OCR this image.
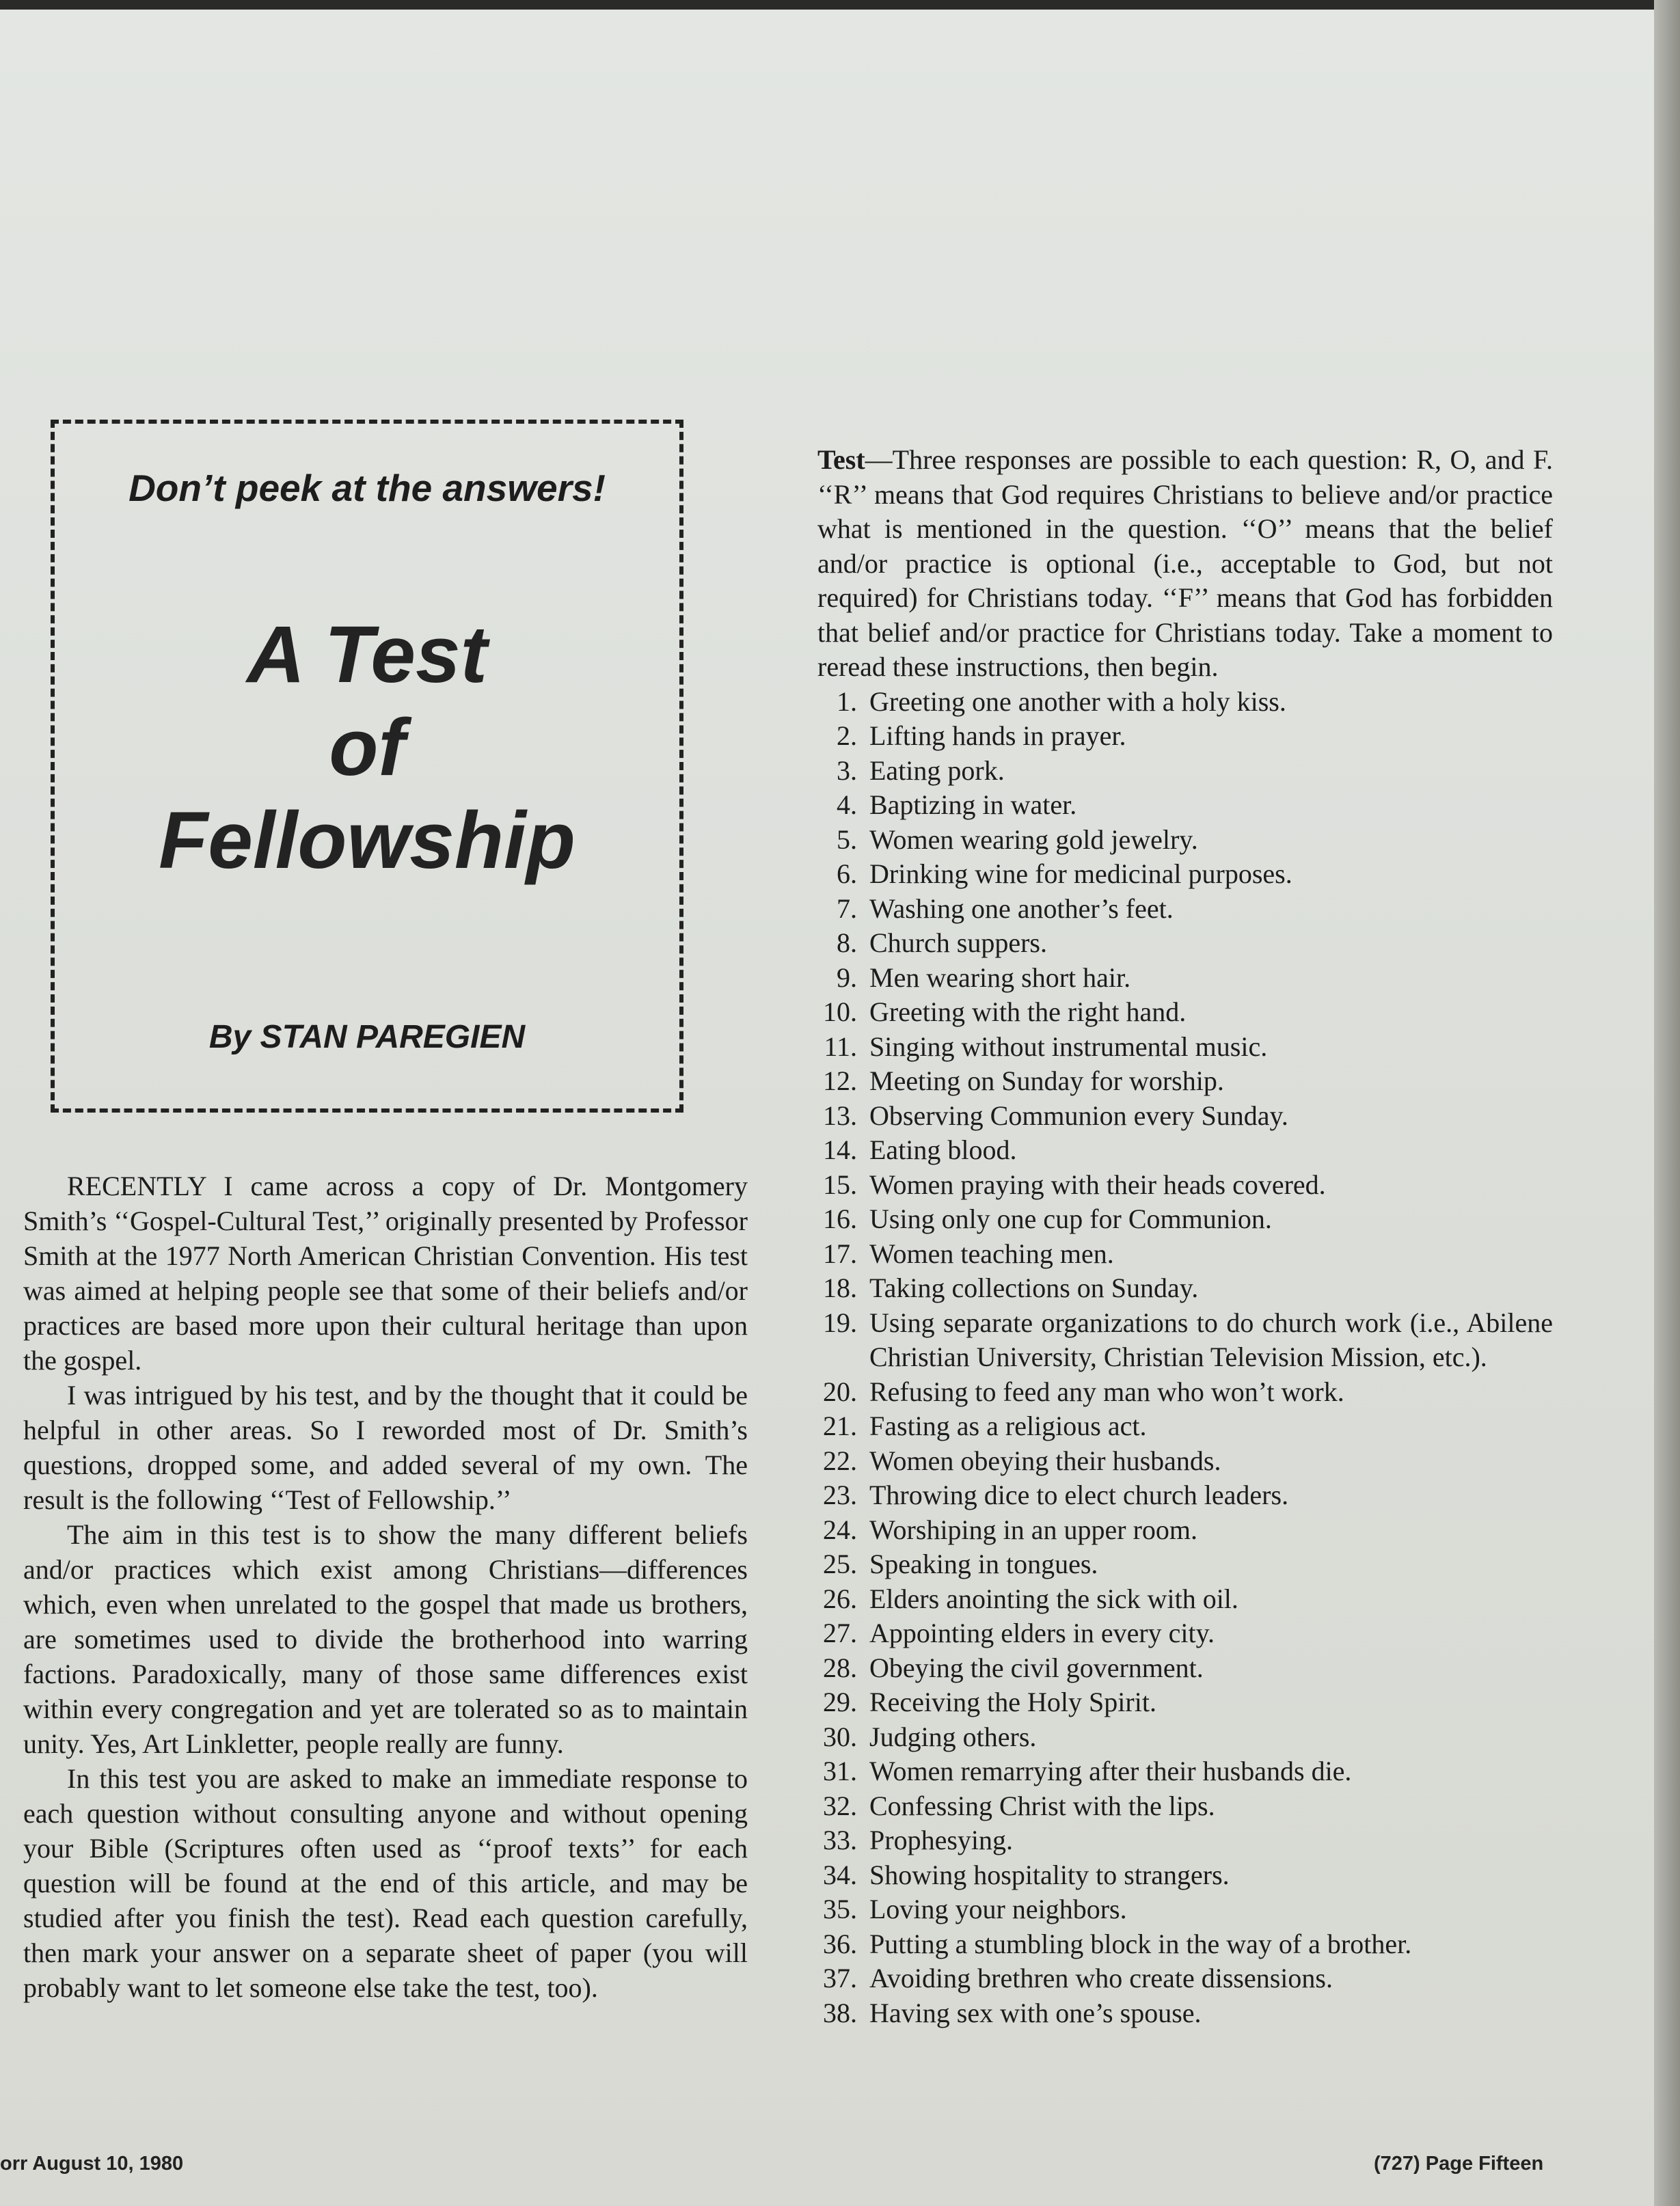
Don’t peek at the answers!
A Test
of
Fellowship
By STAN PAREGIEN

RECENTLY I came across a copy of Dr. Montgomery Smith’s ‘‘Gospel-Cultural Test,’’ originally presented by Professor Smith at the 1977 North American Christian Convention. His test was aimed at helping people see that some of their beliefs and/or practices are based more upon their cultural heritage than upon the gospel.

I was intrigued by his test, and by the thought that it could be helpful in other areas. So I reworded most of Dr. Smith’s questions, dropped some, and added several of my own. The result is the following ‘‘Test of Fellowship.’’

The aim in this test is to show the many different beliefs and/or practices which exist among Christians—differences which, even when unrelated to the gospel that made us brothers, are sometimes used to divide the brotherhood into warring factions. Paradoxically, many of those same differences exist within every congregation and yet are tolerated so as to maintain unity. Yes, Art Linkletter, people really are funny.

In this test you are asked to make an immediate response to each question without consulting anyone and without opening your Bible (Scriptures often used as ‘‘proof texts’’ for each question will be found at the end of this article, and may be studied after you finish the test). Read each question carefully, then mark your answer on a separate sheet of paper (you will probably want to let someone else take the test, too).

Test—Three responses are possible to each question: R, O, and F. ‘‘R’’ means that God requires Christians to believe and/or practice what is mentioned in the question. ‘‘O’’ means that the belief and/or practice is optional (i.e., acceptable to God, but not required) for Christians today. ‘‘F’’ means that God has forbidden that belief and/or practice for Christians today. Take a moment to reread these instructions, then begin.

1. Greeting one another with a holy kiss.
2. Lifting hands in prayer.
3. Eating pork.
4. Baptizing in water.
5. Women wearing gold jewelry.
6. Drinking wine for medicinal purposes.
7. Washing one another’s feet.
8. Church suppers.
9. Men wearing short hair.
10. Greeting with the right hand.
11. Singing without instrumental music.
12. Meeting on Sunday for worship.
13. Observing Communion every Sunday.
14. Eating blood.
15. Women praying with their heads covered.
16. Using only one cup for Communion.
17. Women teaching men.
18. Taking collections on Sunday.
19. Using separate organizations to do church work (i.e., Abilene Christian University, Christian Television Mission, etc.).
20. Refusing to feed any man who won’t work.
21. Fasting as a religious act.
22. Women obeying their husbands.
23. Throwing dice to elect church leaders.
24. Worshiping in an upper room.
25. Speaking in tongues.
26. Elders anointing the sick with oil.
27. Appointing elders in every city.
28. Obeying the civil government.
29. Receiving the Holy Spirit.
30. Judging others.
31. Women remarrying after their husbands die.
32. Confessing Christ with the lips.
33. Prophesying.
34. Showing hospitality to strangers.
35. Loving your neighbors.
36. Putting a stumbling block in the way of a brother.
37. Avoiding brethren who create dissensions.
38. Having sex with one’s spouse.
orr August 10, 1980	(727) Page Fifteen
